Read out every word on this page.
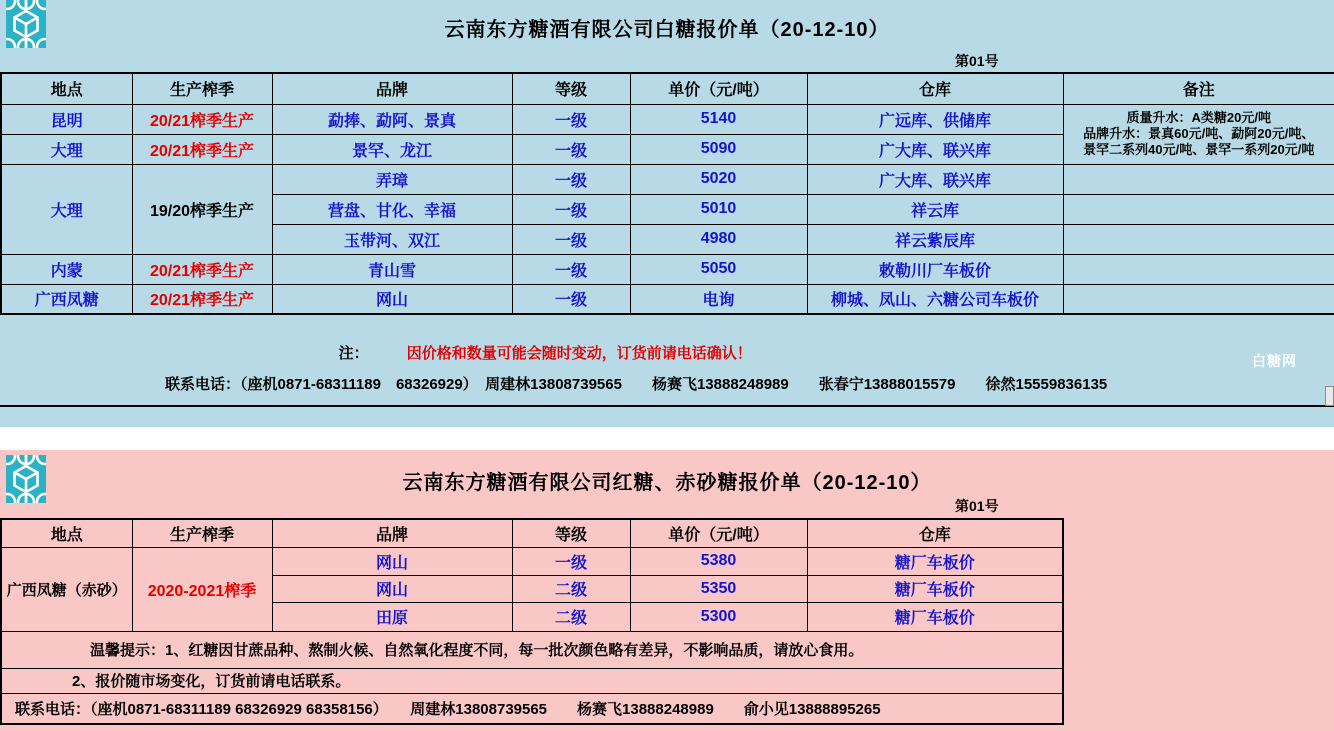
云南东方糖酒有限公司白糖报价单（20-12-10）
第01号
地点	生产榨季	品牌	等级	单价（元/吨）	仓库	备注
昆明	20/21榨季生产	勐捧、勐阿、景真	一级	5140	广远库、供储库	质量升水：A类糖20元/吨
品牌升水：景真60元/吨、勐阿20元/吨、
景罕二系列40元/吨、景罕一系列20元/吨

大理	20/21榨季生产	景罕、龙江	一级	5090	广大库、联兴库	
大理	19/20榨季生产	弄璋	一级	5020	广大库、联兴库	
		营盘、甘化、幸福	一级	5010	祥云库	
		玉带河、双江	一级	4980	祥云紫辰库	
内蒙	20/21榨季生产	青山雪	一级	5050	敕勒川厂车板价	
广西凤糖	20/21榨季生产	网山	一级	电询	柳城、凤山、六糖公司车板价	

注：	因价格和数量可能会随时变动，订货前请电话确认！

联系电话：（座机0871-68311189　68326929）　周建林13808739565　　杨赛飞13888248989　　张春宁13888015579　　徐然15559836135
白糖网
云南东方糖酒有限公司红糖、赤砂糖报价单（20-12-10）
第01号
地点	生产榨季	品牌	等级	单价（元/吨）	仓库
广西凤糖（赤砂）	2020-2021榨季	网山	一级	5380	糖厂车板价
		网山	二级	5350	糖厂车板价
		田原	二级	5300	糖厂车板价
温馨提示：1、红糖因甘蔗品种、熬制火候、自然氧化程度不同，每一批次颜色略有差异，不影响品质，请放心食用。					
2、报价随市场变化，订货前请电话联系。					
联系电话：（座机0871-68311189 68326929 68358156）　　周建林13808739565　　杨赛飞13888248989　　俞小见13888895265					
